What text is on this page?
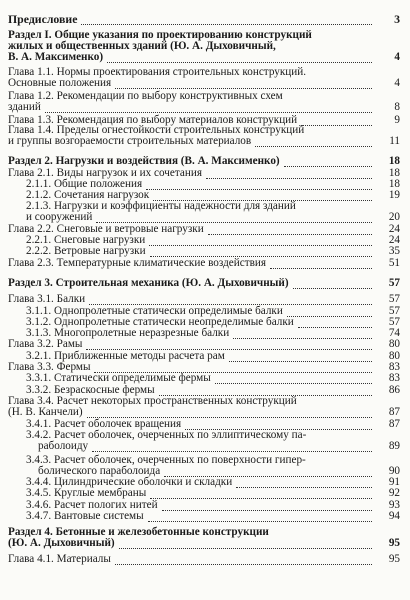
Предисловие	3
Раздел I. Общие указания по проектированию конструкций
жилых и общественных зданий (Ю. А. Дыховичный,
В. А. Максименко)	4
Глава 1.1. Нормы проектирования строительных конструкций.
Основные положения	4
Глава 1.2. Рекомендации по выбору конструктивных схем
зданий	8
Глава 1.3. Рекомендация по выбору материалов конструкций	9
Глава 1.4. Пределы огнестойкости строительных конструкций
и группы возгораемости строительных материалов	11
Раздел 2. Нагрузки и воздействия (В. А. Максименко)	18
Глава 2.1. Виды нагрузок и их сочетания	18
2.1.1. Общие положения	18
2.1.2. Сочетания нагрузок	19
2.1.3. Нагрузки и коэффициенты надежности для зданий
и сооружений	20
Глава 2.2. Снеговые и ветровые нагрузки	24
2.2.1. Снеговые нагрузки	24
2.2.2. Ветровые нагрузки	35
Глава 2.3. Температурные климатические воздействия	51
Раздел 3. Строительная механика (Ю. А. Дыховичный)	57
Глава 3.1. Балки	57
3.1.1. Однопролетные статически определимые балки	57
3.1.2. Однопролетные статически неопределимые балки	57
3.1.3. Многопролетные неразрезные балки	74
Глава 3.2. Рамы	80
3.2.1. Приближенные методы расчета рам	80
Глава 3.3. Фермы	83
3.3.1. Статически определимые фермы	83
3.3.2. Безраскосные фермы	86
Глава 3.4. Расчет некоторых пространственных конструкций
(Н. В. Канчели)	87
3.4.1. Расчет оболочек вращения	87
3.4.2. Расчет оболочек, очерченных по эллиптическому па-
раболоиду	89
3.4.3. Расчет оболочек, очерченных по поверхности гипер-
болического параболоида	90
3.4.4. Цилиндрические оболочки и складки	91
3.4.5. Круглые мембраны	92
3.4.6. Расчет пологих нитей	93
3.4.7. Вантовые системы	94
Раздел 4. Бетонные и железобетонные конструкции
(Ю. А. Дыховичный)	95
Глава 4.1. Материалы	95
